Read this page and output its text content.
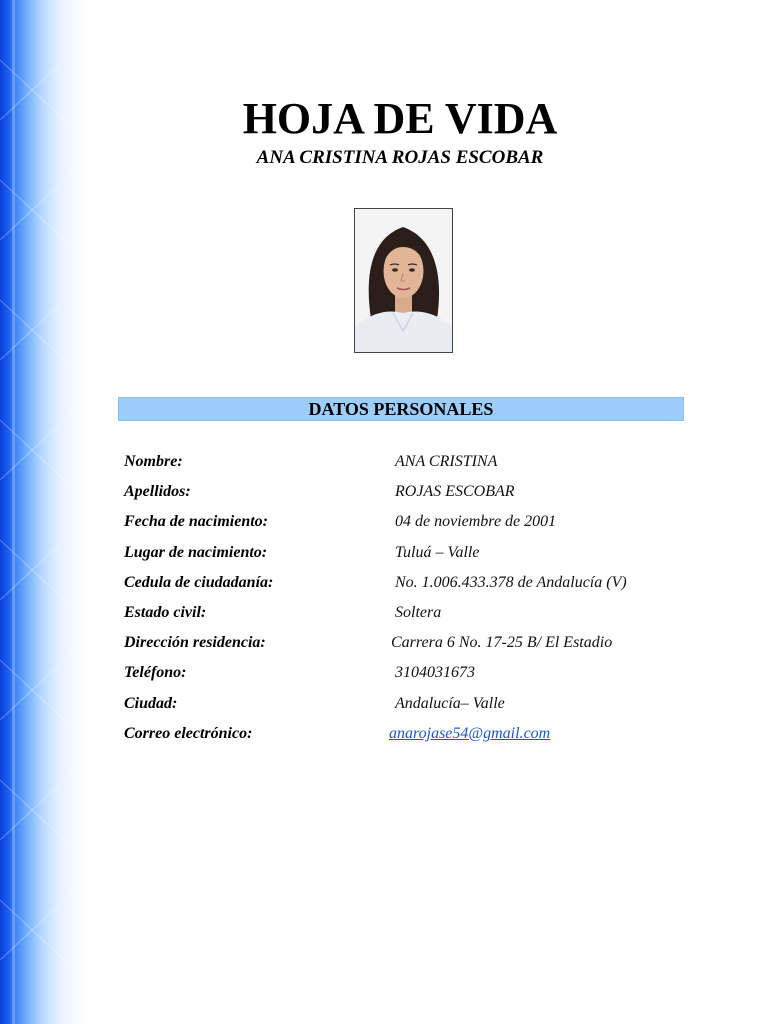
HOJA DE VIDA
ANA CRISTINA ROJAS ESCOBAR
DATOS PERSONALES
Nombre:	ANA CRISTINA
Apellidos:	ROJAS ESCOBAR
Fecha de nacimiento:	04 de noviembre de 2001
Lugar de nacimiento:	Tuluá – Valle
Cedula de ciudadanía:	No. 1.006.433.378 de Andalucía (V)
Estado civil:	Soltera
Dirección residencia:	Carrera 6 No. 17-25 B/ El Estadio
Teléfono:	3104031673
Ciudad:	Andalucía– Valle
Correo electrónico:	anarojase54@gmail.com
